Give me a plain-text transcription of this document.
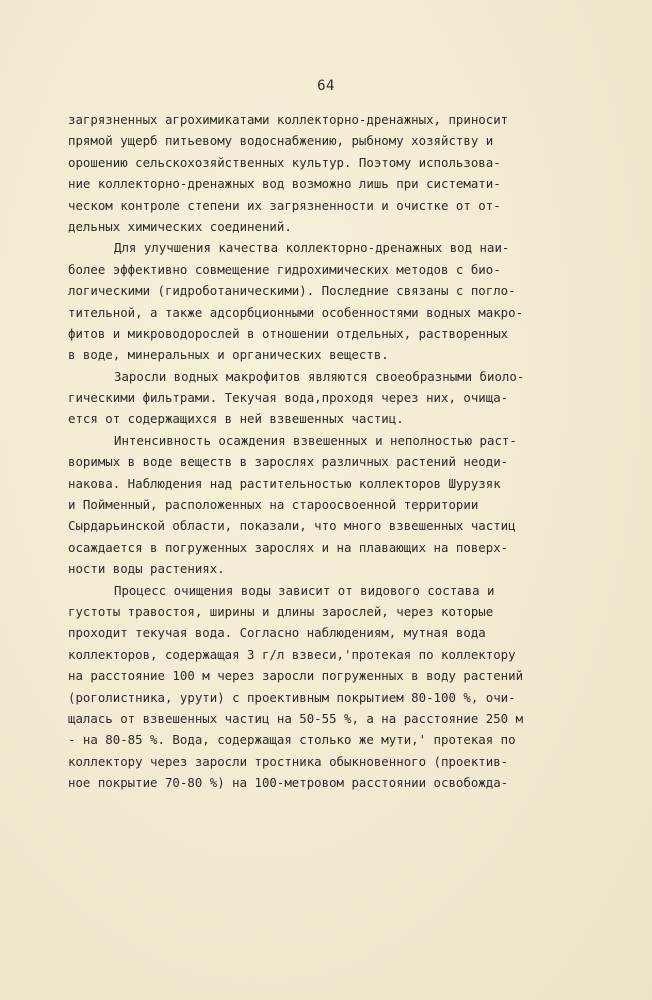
64
загрязненных агрохимикатами коллекторно-дренажных, приносит
прямой ущерб питьевому водоснабжению, рыбному хозяйству и
орошению сельскохозяйственных культур. Поэтому использова-
ние коллекторно-дренажных вод возможно лишь при системати-
ческом контроле степени их загрязненности и очистке от от-
дельных химических соединений.
Для улучшения качества коллекторно-дренажных вод наи-
более эффективно совмещение гидрохимических методов с био-
логическими (гидроботаническими). Последние связаны с погло-
тительной, а также адсорбционными особенностями водных макро-
фитов и микроводорослей в отношении отдельных, растворенных
в воде, минеральных и органических веществ.
Заросли водных макрофитов являются своеобразными биоло-
гическими фильтрами. Текучая вода,проходя через них, очища-
ется от содержащихся в ней взвешенных частиц.
Интенсивность осаждения взвешенных и неполностью раст-
воримых в воде веществ в зарослях различных растений неоди-
накова. Наблюдения над растительностью коллекторов Шурузяк
и Пойменный, расположенных на староосвоенной территории
Сырдарьинской области, показали, что много взвешенных частиц
осаждается в погруженных зарослях и на плавающих на поверх-
ности воды растениях.
Процесс очищения воды зависит от видового состава и
густоты травостоя, ширины и длины зарослей, через которые
проходит текучая вода. Согласно наблюдениям, мутная вода
коллекторов, содержащая 3 г/л взвеси,'протекая по коллектору
на расстояние 100 м через заросли погруженных в воду растений
(роголистника, урути) с проективным покрытием 80-100 %, очи-
щалась от взвешенных частиц на 50-55 %, а на расстояние 250 м
- на 80-85 %. Вода, содержащая столько же мути,' протекая по
коллектору через заросли тростника обыкновенного (проектив-
ное покрытие 70-80 %) на 100-метровом расстоянии освобожда-
